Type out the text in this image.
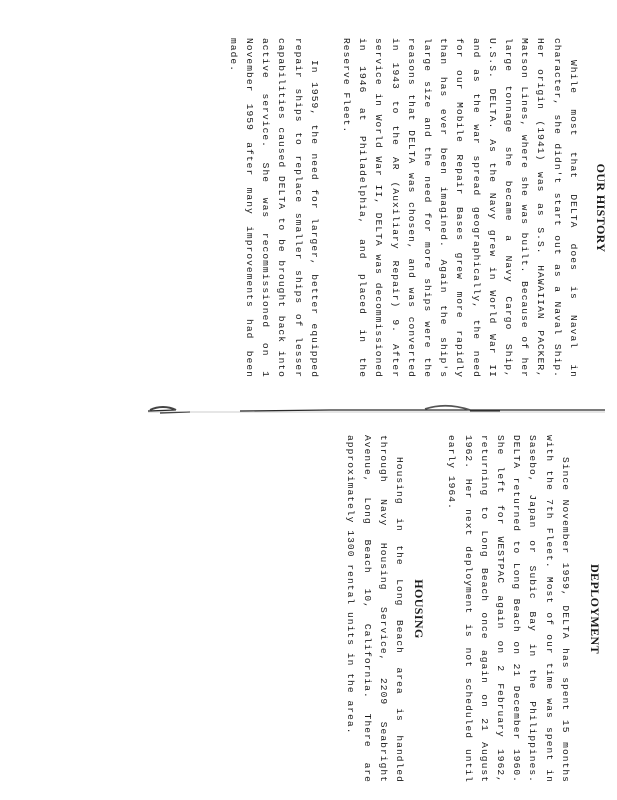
OUR HISTORY

While most that DELTA does is Naval in character, she didn't start out as a Naval Ship. Her origin (1941) was as S.S. HAWAIIAN PACKER, Matson Lines, where she was built. Because of her large tonnage she became a Navy Cargo Ship, U.S.S. DELTA. As the Navy grew in World War II and as the war spread geographically, the need for our Mobile Repair Bases grew more rapidly than has ever been imagined. Again the ship's large size and the need for more ships were the reasons that DELTA was chosen, and was converted in 1943 to the AR (Auxiliary Repair) 9. After service in World War II, DELTA was decommissioned in 1946 at Philadelphia, and placed in the Reserve Fleet.

In 1959, the need for larger, better equipped repair ships to replace smaller ships of lesser capabilities caused DELTA to be brought back into active service. She was recommissioned on 1 November 1959 after many improvements had been made.

DEPLOYMENT

Since November 1959, DELTA has spent 15 months with the 7th Fleet. Most of our time was spent in Sasebo, Japan or Subic Bay in the Philippines. DELTA returned to Long Beach on 21 December 1960. She left for WESTPAC again on 2 February 1962, returning to Long Beach once again on 21 August 1962. Her next deployment is not scheduled until early 1964.

HOUSING

Housing in the Long Beach area is handled through Navy Housing Service, 2209 Seabright Avenue, Long Beach 10, California. There are approximately 1300 rental units in the area.
